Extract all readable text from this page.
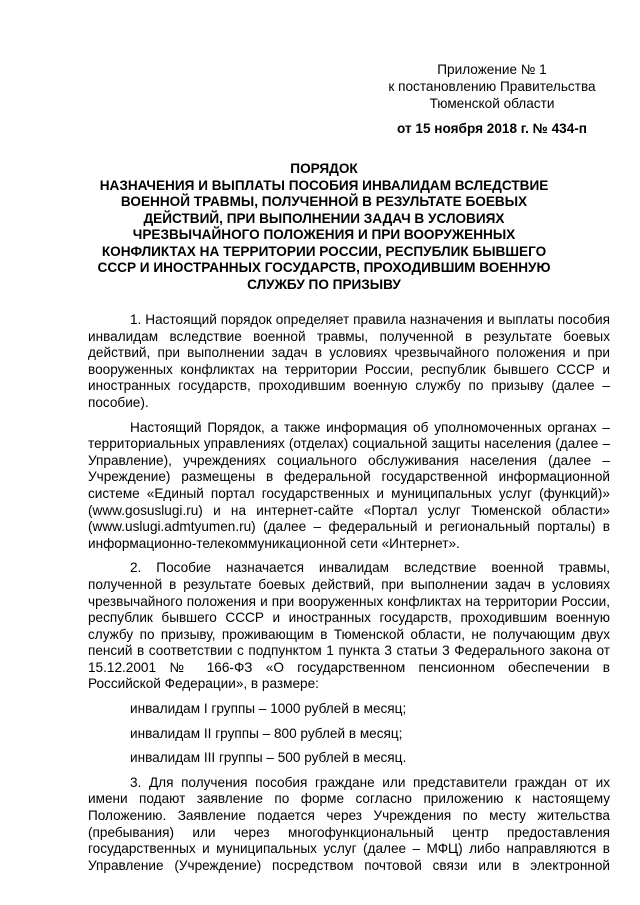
Приложение № 1
к постановлению Правительства
Тюменской области
от 15 ноября 2018 г. № 434-п
ПОРЯДОК
НАЗНАЧЕНИЯ И ВЫПЛАТЫ ПОСОБИЯ ИНВАЛИДАМ ВСЛЕДСТВИЕ ВОЕННОЙ ТРАВМЫ, ПОЛУЧЕННОЙ В РЕЗУЛЬТАТЕ БОЕВЫХ ДЕЙСТВИЙ, ПРИ ВЫПОЛНЕНИИ ЗАДАЧ В УСЛОВИЯХ ЧРЕЗВЫЧАЙНОГО ПОЛОЖЕНИЯ И ПРИ ВООРУЖЕННЫХ КОНФЛИКТАХ НА ТЕРРИТОРИИ РОССИИ, РЕСПУБЛИК БЫВШЕГО СССР И ИНОСТРАННЫХ ГОСУДАРСТВ, ПРОХОДИВШИМ ВОЕННУЮ СЛУЖБУ ПО ПРИЗЫВУ

1. Настоящий порядок определяет правила назначения и выплаты пособия инвалидам вследствие военной травмы, полученной в результате боевых действий, при выполнении задач в условиях чрезвычайного положения и при вооруженных конфликтах на территории России, республик бывшего СССР и иностранных государств, проходившим военную службу по призыву (далее – пособие).

Настоящий Порядок, а также информация об уполномоченных органах – территориальных управлениях (отделах) социальной защиты населения (далее – Управление), учреждениях социального обслуживания населения (далее – Учреждение) размещены в федеральной государственной информационной системе «Единый портал государственных и муниципальных услуг (функций)» (www.gosuslugi.ru) и на интернет-сайте «Портал услуг Тюменской области» (www.uslugi.admtyumen.ru) (далее – федеральный и региональный порталы) в информационно-телекоммуникационной сети «Интернет».

2. Пособие назначается инвалидам вследствие военной травмы, полученной в результате боевых действий, при выполнении задач в условиях чрезвычайного положения и при вооруженных конфликтах на территории России, республик бывшего СССР и иностранных государств, проходившим военную службу по призыву, проживающим в Тюменской области, не получающим двух пенсий в соответствии с подпунктом 1 пункта 3 статьи 3 Федерального закона от 15.12.2001 № 166-ФЗ «О государственном пенсионном обеспечении в Российской Федерации», в размере:

инвалидам I группы – 1000 рублей в месяц;
инвалидам II группы – 800 рублей в месяц;
инвалидам III группы – 500 рублей в месяц.

3. Для получения пособия граждане или представители граждан от их имени подают заявление по форме согласно приложению к настоящему Положению. Заявление подается через Учреждения по месту жительства (пребывания) или через многофункциональный центр предоставления государственных и муниципальных услуг (далее – МФЦ) либо направляются в Управление (Учреждение) посредством почтовой связи или в электронной
